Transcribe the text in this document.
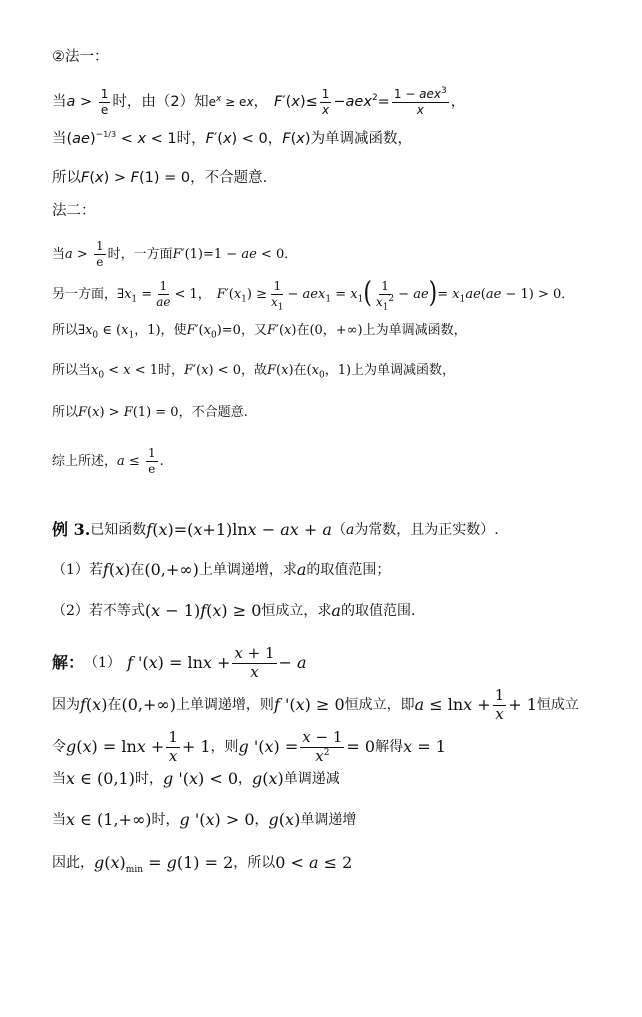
②法一：
当 $a > \frac{1}{e}$ 时，由（2）知 $e^x$ ≥ ex ， $F'(x)\le \frac{1}{x} -aex^2= \frac{1 - aex^3}{x}$ ，
当 (ae)$^{-1/3}$ < x < 1 时， F′(x) < 0 ， F(x) 为单调减函数，
所以 F(x) > F(1) = 0 ，不合题意.
法二：
当 $a > \frac{1}{e}$ 时，一方面 F′(1)=1 − ae < 0 ．
另一方面， $\exists x_1 = \frac{1}{ae} < 1$， $F'(x_1) \ge \frac{1}{x_1} - aex_1 = x_1$ ( $\frac{1}{x_1^2}$ − ae ) = $x_1ae(ae - 1) > 0$ ．
所以 $\exists x_0$ ∈ ($x_1$，1) ，使 $F'(x_0)=0$ ，又 F′(x) 在 (0，+∞) 上为单调减函数，
所以当 $x_0 < x < 1$ 时， F′(x) < 0 ，故 F(x) 在 ($x_0$，1) 上为单调减函数，
所以 F(x) > F(1) = 0 ，不合题意.
综上所述， $a \le \frac{1}{e}$ .
例 3. 已知函数 f(x)=(x+1)lnx − ax + a （ a 为常数，且为正实数）.
（1）若 f(x) 在 (0,+∞) 上单调递增，求 a 的取值范围；
（2）若不等式 (x − 1)f(x) ≥ 0 恒成立，求 a 的取值范围.
解： （1） f '$(x) = \ln x + \frac{x + 1}{x} - a$
因为 f(x) 在 (0,+∞) 上单调递增，则 f '(x) ≥ 0 恒成立，即 $a \le \ln x + \frac{1}{x} + 1$ 恒成立
令 $g(x) = \ln x + \frac{1}{x} + 1$ ，则 g '$(x) = \frac{x - 1}{x^2} = 0$ 解得 x = 1
当 x ∈ (0,1) 时， g '(x) < 0 ， g(x) 单调递减
当 x ∈ (1,+∞) 时， g '(x) > 0 ， g(x) 单调递增
因此， $g(x)_{min} = g(1) = 2$ ，所以 0 < a ≤ 2
